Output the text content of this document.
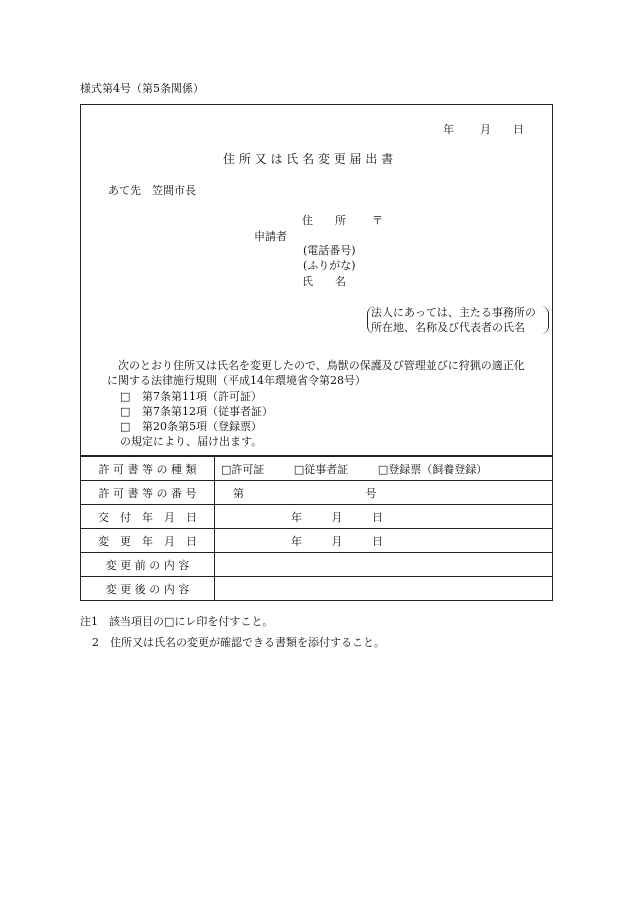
様式第4号（第5条関係）
年 月 日
住 所 又 は 氏 名 変 更 届 出 書
あて先　笠間市長
住　　所 〒
申請者
(電話番号)
(ふりがな)
氏　　名
法人にあっては、主たる事務所の
所在地、名称及び代表者の氏名
次のとおり住所又は氏名を変更したので、鳥獣の保護及び管理並びに狩猟の適正化
に関する法律施行規則（平成14年環境省令第28号）
□ 第7条第11項（許可証）
□ 第7条第12項（従事者証）
□ 第20条第5項（登録票）
の規定により、届け出ます。
許 可 書 等 の 種 類	□許可証 □従事者証 □登録票（飼養登録）
許 可 書 等 の 番 号	第 号
交　付　年　月　日	年 月 日
変　更　年　月　日	年 月 日
変 更 前 の 内 容	
変 更 後 の 内 容	
注1　該当項目の□にレ印を付すこと。
2　住所又は氏名の変更が確認できる書類を添付すること。
